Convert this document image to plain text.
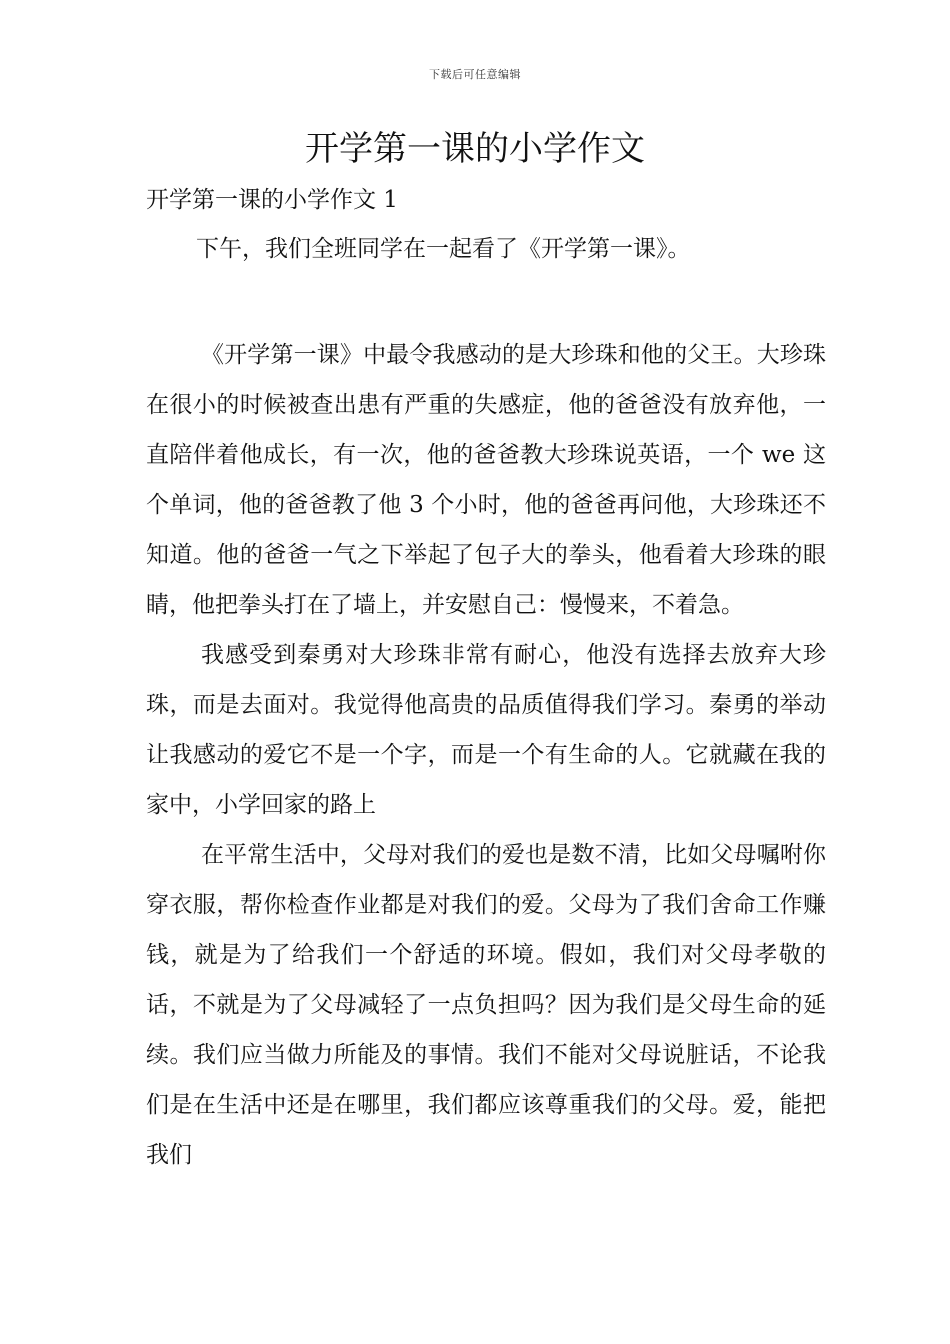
下载后可任意编辑
开学第一课的小学作文
开学第一课的小学作文 1

下午，我们全班同学在一起看了《开学第一课》。

《开学第一课》中最令我感动的是大珍珠和他的父王。大珍珠在很小的时候被查出患有严重的失感症，他的爸爸没有放弃他，一直陪伴着他成长，有一次，他的爸爸教大珍珠说英语，一个 we 这个单词，他的爸爸教了他 3 个小时，他的爸爸再问他，大珍珠还不知道。他的爸爸一气之下举起了包子大的拳头，他看着大珍珠的眼睛，他把拳头打在了墙上，并安慰自己：慢慢来，不着急。

我感受到秦勇对大珍珠非常有耐心，他没有选择去放弃大珍珠，而是去面对。我觉得他高贵的品质值得我们学习。秦勇的举动让我感动的爱它不是一个字，而是一个有生命的人。它就藏在我的家中，小学回家的路上

在平常生活中，父母对我们的爱也是数不清，比如父母嘱咐你穿衣服，帮你检查作业都是对我们的爱。父母为了我们舍命工作赚钱，就是为了给我们一个舒适的环境。假如，我们对父母孝敬的话，不就是为了父母减轻了一点负担吗？因为我们是父母生命的延续。我们应当做力所能及的事情。我们不能对父母说脏话，不论我们是在生活中还是在哪里，我们都应该尊重我们的父母。爱，能把我们
